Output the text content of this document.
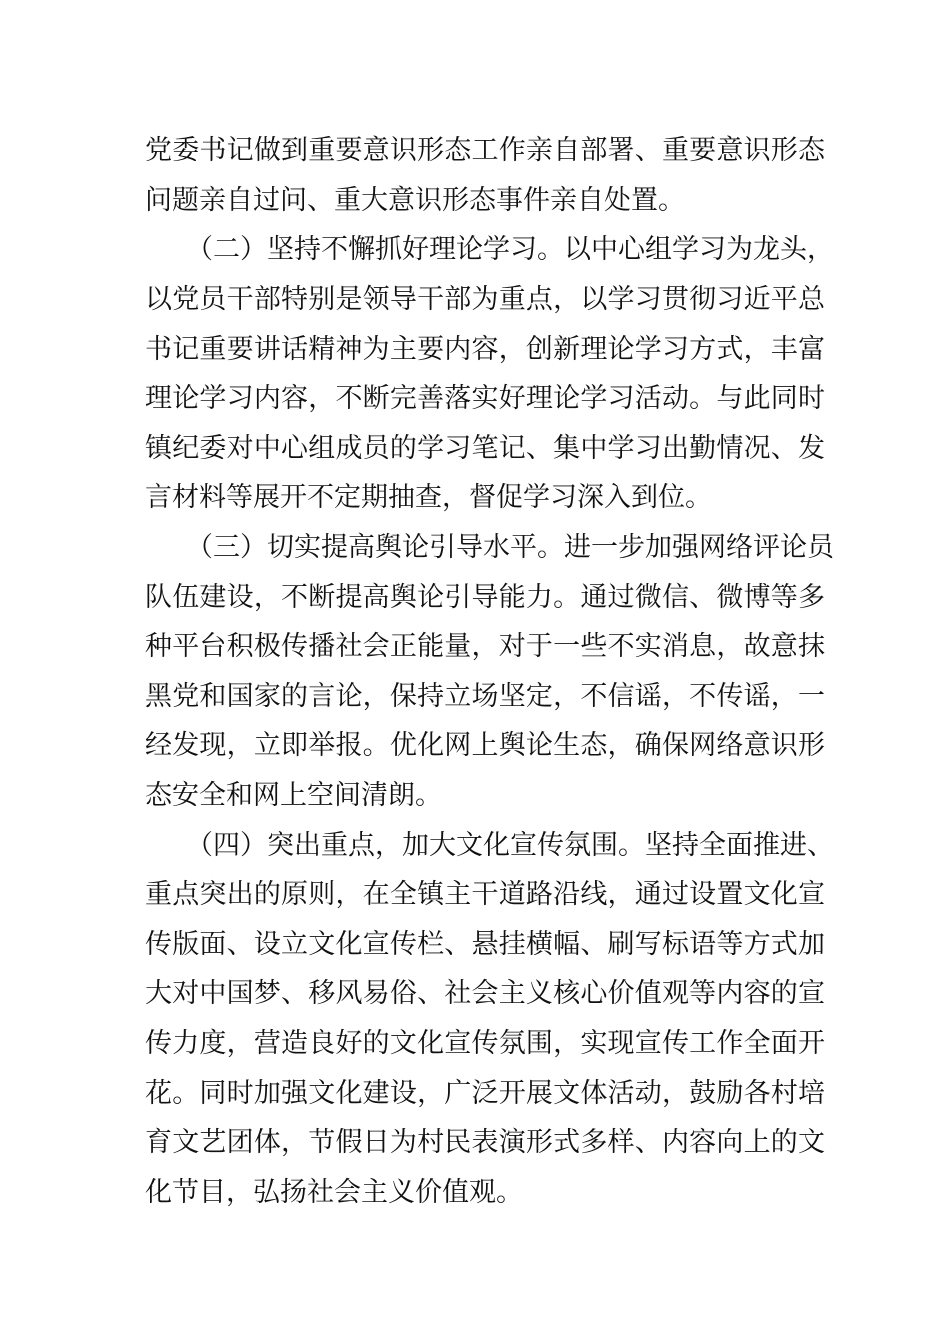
党委书记做到重要意识形态工作亲自部署、重要意识形态

问题亲自过问、重大意识形态事件亲自处置。

（二）坚持不懈抓好理论学习。以中心组学习为龙头，

以党员干部特别是领导干部为重点，以学习贯彻习近平总

书记重要讲话精神为主要内容，创新理论学习方式，丰富

理论学习内容，不断完善落实好理论学习活动。与此同时

镇纪委对中心组成员的学习笔记、集中学习出勤情况、发

言材料等展开不定期抽查，督促学习深入到位。

（三）切实提高舆论引导水平。进一步加强网络评论员

队伍建设，不断提高舆论引导能力。通过微信、微博等多

种平台积极传播社会正能量，对于一些不实消息，故意抹

黑党和国家的言论，保持立场坚定，不信谣，不传谣，一

经发现，立即举报。优化网上舆论生态，确保网络意识形

态安全和网上空间清朗。

（四）突出重点，加大文化宣传氛围。坚持全面推进、

重点突出的原则，在全镇主干道路沿线，通过设置文化宣

传版面、设立文化宣传栏、悬挂横幅、刷写标语等方式加

大对中国梦、移风易俗、社会主义核心价值观等内容的宣

传力度，营造良好的文化宣传氛围，实现宣传工作全面开

花。同时加强文化建设，广泛开展文体活动，鼓励各村培

育文艺团体，节假日为村民表演形式多样、内容向上的文

化节目，弘扬社会主义价值观。
